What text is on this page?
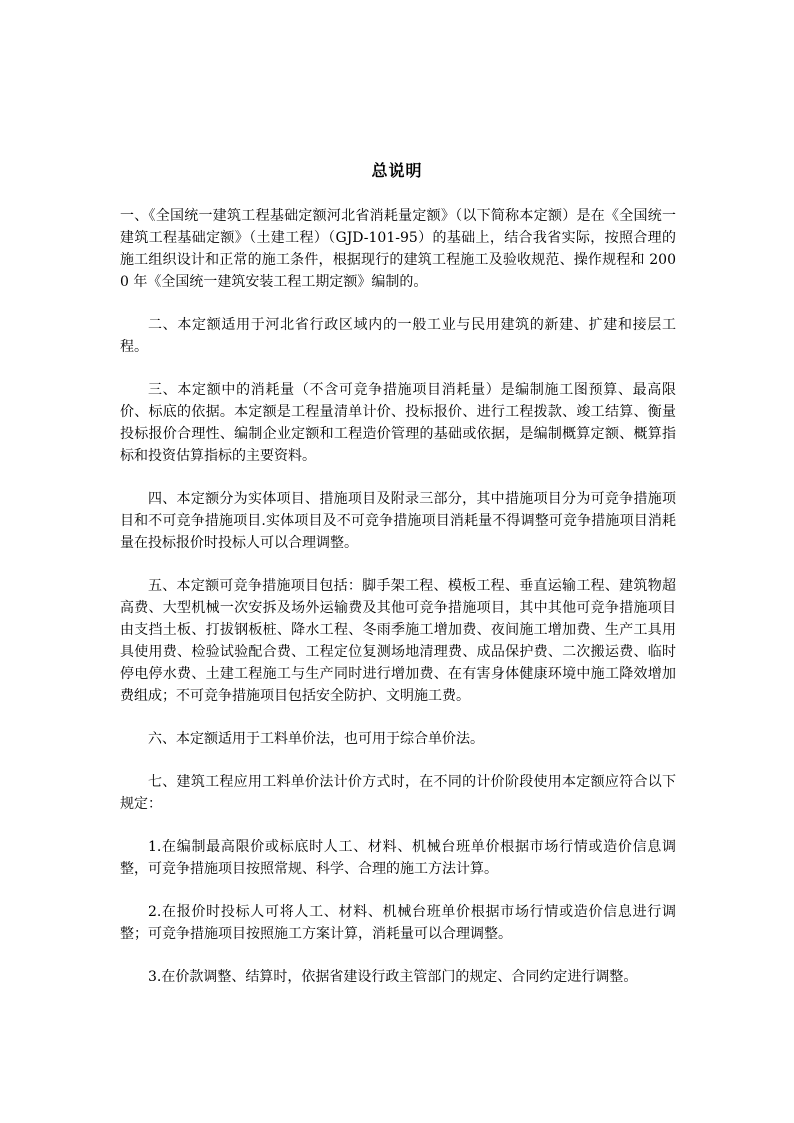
总说明

一、《全国统一建筑工程基础定额河北省消耗量定额》（以下简称本定额）是在《全国统一建筑工程基础定额》（土建工程）（GJD-101-95）的基础上，结合我省实际，按照合理的施工组织设计和正常的施工条件，根据现行的建筑工程施工及验收规范、操作规程和 2000 年《全国统一建筑安装工程工期定额》编制的。

二、本定额适用于河北省行政区域内的一般工业与民用建筑的新建、扩建和接层工程。

三、本定额中的消耗量（不含可竞争措施项目消耗量）是编制施工图预算、最高限价、标底的依据。本定额是工程量清单计价、投标报价、进行工程拨款、竣工结算、衡量投标报价合理性、编制企业定额和工程造价管理的基础或依据，是编制概算定额、概算指标和投资估算指标的主要资料。

四、本定额分为实体项目、措施项目及附录三部分，其中措施项目分为可竞争措施项目和不可竞争措施项目.实体项目及不可竞争措施项目消耗量不得调整可竞争措施项目消耗量在投标报价时投标人可以合理调整。

五、本定额可竞争措施项目包括：脚手架工程、模板工程、垂直运输工程、建筑物超高费、大型机械一次安拆及场外运输费及其他可竞争措施项目，其中其他可竞争措施项目由支挡土板、打拔钢板桩、降水工程、冬雨季施工增加费、夜间施工增加费、生产工具用具使用费、检验试验配合费、工程定位复测场地清理费、成品保护费、二次搬运费、临时停电停水费、土建工程施工与生产同时进行增加费、在有害身体健康环境中施工降效增加费组成；不可竞争措施项目包括安全防护、文明施工费。

六、本定额适用于工料单价法，也可用于综合单价法。

七、建筑工程应用工料单价法计价方式时，在不同的计价阶段使用本定额应符合以下规定：

1.在编制最高限价或标底时人工、材料、机械台班单价根据市场行情或造价信息调整，可竞争措施项目按照常规、科学、合理的施工方法计算。

2.在报价时投标人可将人工、材料、机械台班单价根据市场行情或造价信息进行调整；可竞争措施项目按照施工方案计算，消耗量可以合理调整。

3.在价款调整、结算时，依据省建设行政主管部门的规定、合同约定进行调整。
